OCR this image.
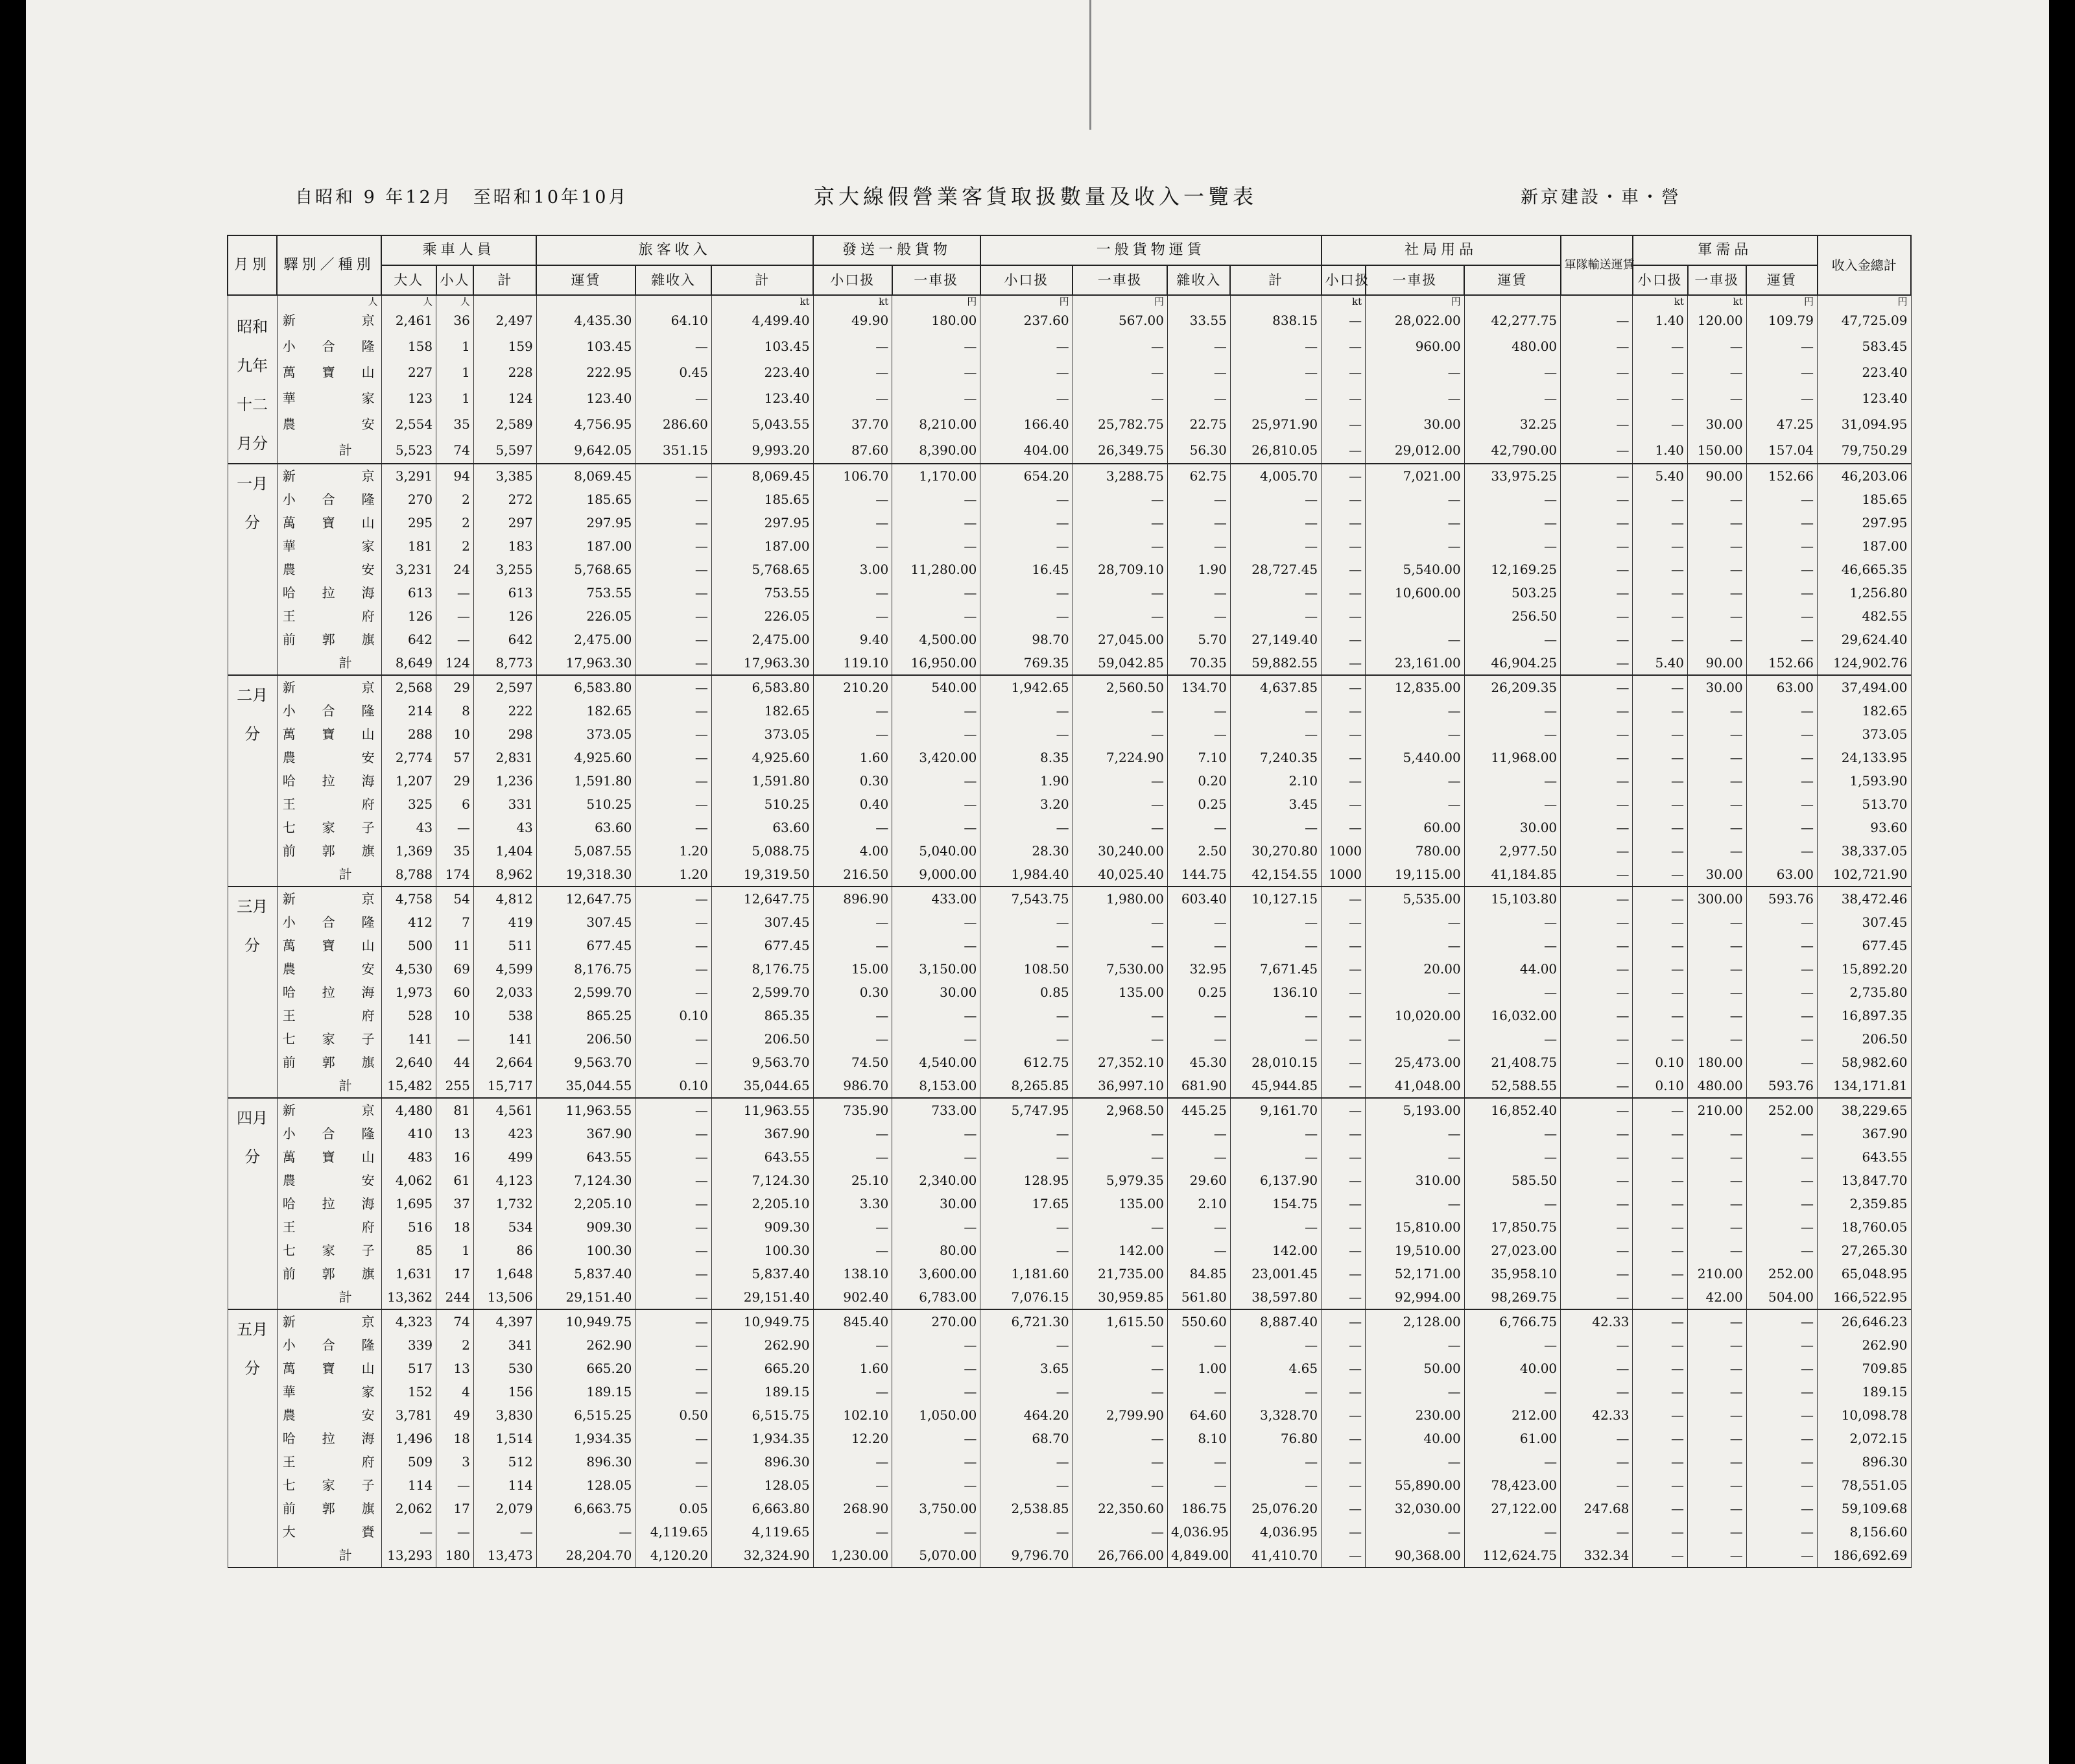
自昭和 9 年12月　至昭和10年10月	京大線假營業客貨取扱數量及收入一覽表	新京建設・車・營
月別	驛別／種別	乘車人員			旅客收入			發送一般貨物		一般貨物運賃				社局用品			軍隊輸送運賃	軍需品			收入金總計
		大人	小人	計	運賃	雜收入	計	小口扱	一車扱	小口扱	一車扱	雜收入	計	小口扱	一車扱	運賃		小口扱	一車扱	運賃	
	人	人	人				kt	kt	円	円	円			kt	円			kt	kt	円	円
昭和九年十二月分	新京	2,461	36	2,497	4,435.30	64.10	4,499.40	49.90	180.00	237.60	567.00	33.55	838.15	—	28,022.00	42,277.75	—	1.40	120.00	109.79	47,725.09
	小合隆	158	1	159	103.45	—	103.45	—	—	—	—	—	—	—	960.00	480.00	—	—	—	—	583.45
	萬寶山	227	1	228	222.95	0.45	223.40	—	—	—	—	—	—	—	—	—	—	—	—	—	223.40
	華家	123	1	124	123.40	—	123.40	—	—	—	—	—	—	—	—	—	—	—	—	—	123.40
	農安	2,554	35	2,589	4,756.95	286.60	5,043.55	37.70	8,210.00	166.40	25,782.75	22.75	25,971.90	—	30.00	32.25	—	—	30.00	47.25	31,094.95
	計	5,523	74	5,597	9,642.05	351.15	9,993.20	87.60	8,390.00	404.00	26,349.75	56.30	26,810.05	—	29,012.00	42,790.00	—	1.40	150.00	157.04	79,750.29
一月分	新京	3,291	94	3,385	8,069.45	—	8,069.45	106.70	1,170.00	654.20	3,288.75	62.75	4,005.70	—	7,021.00	33,975.25	—	5.40	90.00	152.66	46,203.06
	小合隆	270	2	272	185.65	—	185.65	—	—	—	—	—	—	—	—	—	—	—	—	—	185.65
	萬寶山	295	2	297	297.95	—	297.95	—	—	—	—	—	—	—	—	—	—	—	—	—	297.95
	華家	181	2	183	187.00	—	187.00	—	—	—	—	—	—	—	—	—	—	—	—	—	187.00
	農安	3,231	24	3,255	5,768.65	—	5,768.65	3.00	11,280.00	16.45	28,709.10	1.90	28,727.45	—	5,540.00	12,169.25	—	—	—	—	46,665.35
	哈拉海	613	—	613	753.55	—	753.55	—	—	—	—	—	—	—	10,600.00	503.25	—	—	—	—	1,256.80
	王府	126	—	126	226.05	—	226.05	—	—	—	—	—	—	—		256.50	—	—	—	—	482.55
	前郭旗	642	—	642	2,475.00	—	2,475.00	9.40	4,500.00	98.70	27,045.00	5.70	27,149.40	—	—	—	—	—	—	—	29,624.40
	計	8,649	124	8,773	17,963.30	—	17,963.30	119.10	16,950.00	769.35	59,042.85	70.35	59,882.55	—	23,161.00	46,904.25	—	5.40	90.00	152.66	124,902.76
二月分	新京	2,568	29	2,597	6,583.80	—	6,583.80	210.20	540.00	1,942.65	2,560.50	134.70	4,637.85	—	12,835.00	26,209.35	—	—	30.00	63.00	37,494.00
	小合隆	214	8	222	182.65	—	182.65	—	—	—	—	—	—	—	—	—	—	—	—	—	182.65
	萬寶山	288	10	298	373.05	—	373.05	—	—	—	—	—	—	—	—	—	—	—	—	—	373.05
	農安	2,774	57	2,831	4,925.60	—	4,925.60	1.60	3,420.00	8.35	7,224.90	7.10	7,240.35	—	5,440.00	11,968.00	—	—	—	—	24,133.95
	哈拉海	1,207	29	1,236	1,591.80	—	1,591.80	0.30	—	1.90	—	0.20	2.10	—	—	—	—	—	—	—	1,593.90
	王府	325	6	331	510.25	—	510.25	0.40	—	3.20	—	0.25	3.45	—	—	—	—	—	—	—	513.70
	七家子	43	—	43	63.60	—	63.60	—	—	—	—	—	—	—	60.00	30.00	—	—	—	—	93.60
	前郭旗	1,369	35	1,404	5,087.55	1.20	5,088.75	4.00	5,040.00	28.30	30,240.00	2.50	30,270.80	1000	780.00	2,977.50	—	—	—	—	38,337.05
	計	8,788	174	8,962	19,318.30	1.20	19,319.50	216.50	9,000.00	1,984.40	40,025.40	144.75	42,154.55	1000	19,115.00	41,184.85	—	—	30.00	63.00	102,721.90
三月分	新京	4,758	54	4,812	12,647.75	—	12,647.75	896.90	433.00	7,543.75	1,980.00	603.40	10,127.15	—	5,535.00	15,103.80	—	—	300.00	593.76	38,472.46
	小合隆	412	7	419	307.45	—	307.45	—	—	—	—	—	—	—	—	—	—	—	—	—	307.45
	萬寶山	500	11	511	677.45	—	677.45	—	—	—	—	—	—	—	—	—	—	—	—	—	677.45
	農安	4,530	69	4,599	8,176.75	—	8,176.75	15.00	3,150.00	108.50	7,530.00	32.95	7,671.45	—	20.00	44.00	—	—	—	—	15,892.20
	哈拉海	1,973	60	2,033	2,599.70	—	2,599.70	0.30	30.00	0.85	135.00	0.25	136.10	—	—	—	—	—	—	—	2,735.80
	王府	528	10	538	865.25	0.10	865.35	—	—	—	—	—	—	—	10,020.00	16,032.00	—	—	—	—	16,897.35
	七家子	141	—	141	206.50	—	206.50	—	—	—	—	—	—	—	—	—	—	—	—	—	206.50
	前郭旗	2,640	44	2,664	9,563.70	—	9,563.70	74.50	4,540.00	612.75	27,352.10	45.30	28,010.15	—	25,473.00	21,408.75	—	0.10	180.00	—	58,982.60
	計	15,482	255	15,717	35,044.55	0.10	35,044.65	986.70	8,153.00	8,265.85	36,997.10	681.90	45,944.85	—	41,048.00	52,588.55	—	0.10	480.00	593.76	134,171.81
四月分	新京	4,480	81	4,561	11,963.55	—	11,963.55	735.90	733.00	5,747.95	2,968.50	445.25	9,161.70	—	5,193.00	16,852.40	—	—	210.00	252.00	38,229.65
	小合隆	410	13	423	367.90	—	367.90	—	—	—	—	—	—	—	—	—	—	—	—	—	367.90
	萬寶山	483	16	499	643.55	—	643.55	—	—	—	—	—	—	—	—	—	—	—	—	—	643.55
	農安	4,062	61	4,123	7,124.30	—	7,124.30	25.10	2,340.00	128.95	5,979.35	29.60	6,137.90	—	310.00	585.50	—	—	—	—	13,847.70
	哈拉海	1,695	37	1,732	2,205.10	—	2,205.10	3.30	30.00	17.65	135.00	2.10	154.75	—	—	—	—	—	—	—	2,359.85
	王府	516	18	534	909.30	—	909.30	—	—	—	—	—	—	—	15,810.00	17,850.75	—	—	—	—	18,760.05
	七家子	85	1	86	100.30	—	100.30	—	80.00	—	142.00	—	142.00	—	19,510.00	27,023.00	—	—	—	—	27,265.30
	前郭旗	1,631	17	1,648	5,837.40	—	5,837.40	138.10	3,600.00	1,181.60	21,735.00	84.85	23,001.45	—	52,171.00	35,958.10	—	—	210.00	252.00	65,048.95
	計	13,362	244	13,506	29,151.40	—	29,151.40	902.40	6,783.00	7,076.15	30,959.85	561.80	38,597.80	—	92,994.00	98,269.75	—	—	42.00	504.00	166,522.95
五月分	新京	4,323	74	4,397	10,949.75	—	10,949.75	845.40	270.00	6,721.30	1,615.50	550.60	8,887.40	—	2,128.00	6,766.75	42.33	—	—	—	26,646.23
	小合隆	339	2	341	262.90	—	262.90	—	—	—	—	—	—	—	—	—	—	—	—	—	262.90
	萬寶山	517	13	530	665.20	—	665.20	1.60	—	3.65	—	1.00	4.65	—	50.00	40.00	—	—	—	—	709.85
	華家	152	4	156	189.15	—	189.15	—	—	—	—	—	—	—	—	—	—	—	—	—	189.15
	農安	3,781	49	3,830	6,515.25	0.50	6,515.75	102.10	1,050.00	464.20	2,799.90	64.60	3,328.70	—	230.00	212.00	42.33	—	—	—	10,098.78
	哈拉海	1,496	18	1,514	1,934.35	—	1,934.35	12.20	—	68.70	—	8.10	76.80	—	40.00	61.00	—	—	—	—	2,072.15
	王府	509	3	512	896.30	—	896.30	—	—	—	—	—	—	—	—	—	—	—	—	—	896.30
	七家子	114	—	114	128.05	—	128.05	—	—	—	—	—	—	—	55,890.00	78,423.00	—	—	—	—	78,551.05
	前郭旗	2,062	17	2,079	6,663.75	0.05	6,663.80	268.90	3,750.00	2,538.85	22,350.60	186.75	25,076.20	—	32,030.00	27,122.00	247.68	—	—	—	59,109.68
	大賚	—	—	—	—	4,119.65	4,119.65	—	—	—	—	4,036.95	4,036.95	—	—	—	—	—	—	—	8,156.60
	計	13,293	180	13,473	28,204.70	4,120.20	32,324.90	1,230.00	5,070.00	9,796.70	26,766.00	4,849.00	41,410.70	—	90,368.00	112,624.75	332.34	—	—	—	186,692.69
